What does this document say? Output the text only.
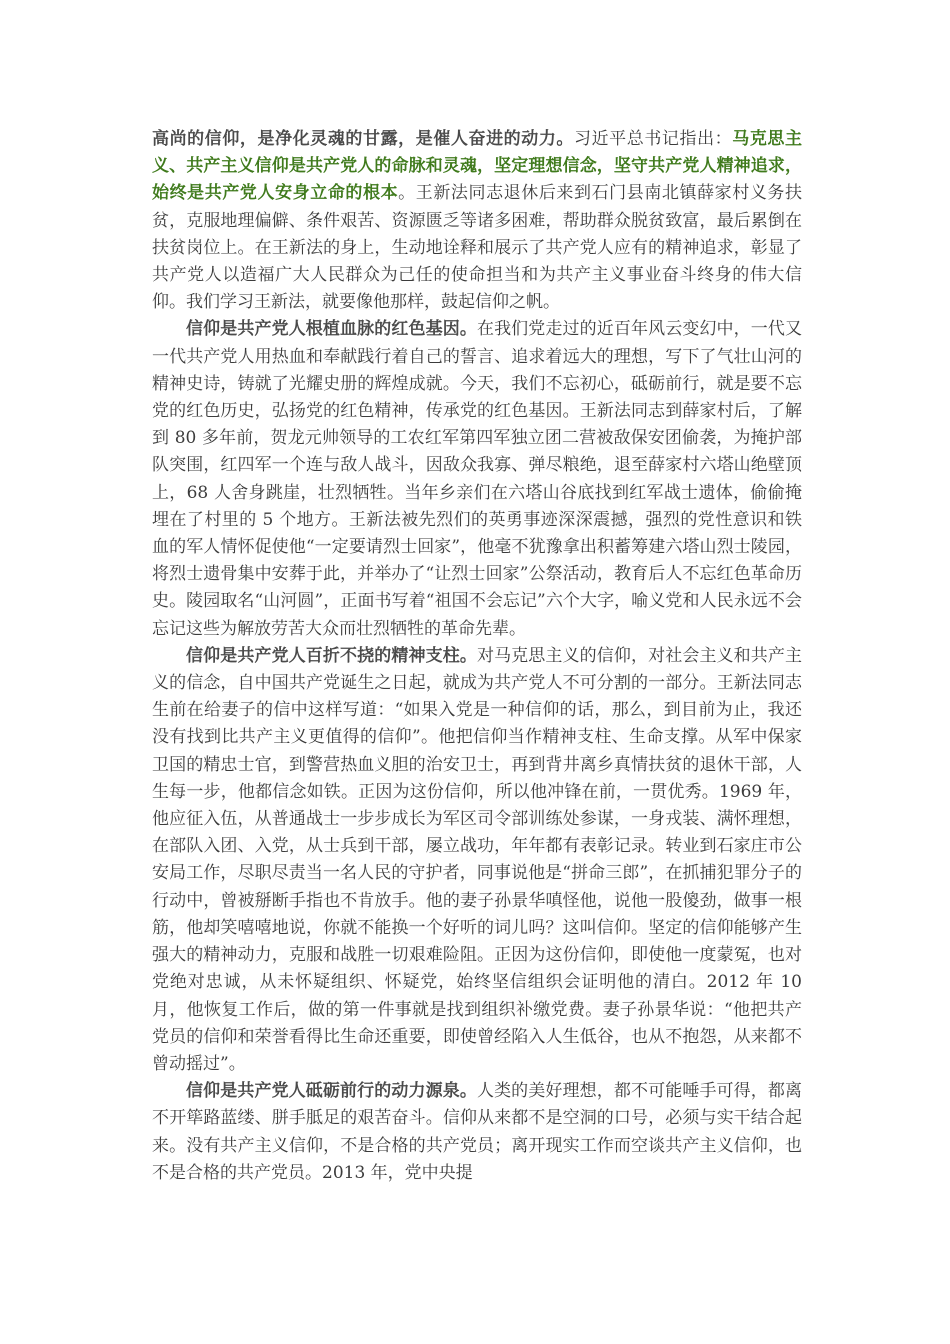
高尚的信仰，是净化灵魂的甘露，是催人奋进的动力。习近平总书记指出：马克思主义、共产主义信仰是共产党人的命脉和灵魂，坚定理想信念，坚守共产党人精神追求，始终是共产党人安身立命的根本。王新法同志退休后来到石门县南北镇薛家村义务扶贫，克服地理偏僻、条件艰苦、资源匮乏等诸多困难，帮助群众脱贫致富，最后累倒在扶贫岗位上。在王新法的身上，生动地诠释和展示了共产党人应有的精神追求，彰显了共产党人以造福广大人民群众为己任的使命担当和为共产主义事业奋斗终身的伟大信仰。我们学习王新法，就要像他那样，鼓起信仰之帆。

信仰是共产党人根植血脉的红色基因。在我们党走过的近百年风云变幻中，一代又一代共产党人用热血和奉献践行着自己的誓言、追求着远大的理想，写下了气壮山河的精神史诗，铸就了光耀史册的辉煌成就。今天，我们不忘初心，砥砺前行，就是要不忘党的红色历史，弘扬党的红色精神，传承党的红色基因。王新法同志到薛家村后，了解到 80 多年前，贺龙元帅领导的工农红军第四军独立团二营被敌保安团偷袭，为掩护部队突围，红四军一个连与敌人战斗，因敌众我寡、弹尽粮绝，退至薛家村六塔山绝壁顶上，68 人舍身跳崖，壮烈牺牲。当年乡亲们在六塔山谷底找到红军战士遗体，偷偷掩埋在了村里的 5 个地方。王新法被先烈们的英勇事迹深深震撼，强烈的党性意识和铁血的军人情怀促使他“一定要请烈士回家”，他毫不犹豫拿出积蓄筹建六塔山烈士陵园，将烈士遗骨集中安葬于此，并举办了“让烈士回家”公祭活动，教育后人不忘红色革命历史。陵园取名“山河圆”，正面书写着“祖国不会忘记”六个大字，喻义党和人民永远不会忘记这些为解放劳苦大众而壮烈牺牲的革命先辈。

信仰是共产党人百折不挠的精神支柱。对马克思主义的信仰，对社会主义和共产主义的信念，自中国共产党诞生之日起，就成为共产党人不可分割的一部分。王新法同志生前在给妻子的信中这样写道：“如果入党是一种信仰的话，那么，到目前为止，我还没有找到比共产主义更值得的信仰”。他把信仰当作精神支柱、生命支撑。从军中保家卫国的精忠士官，到警营热血义胆的治安卫士，再到背井离乡真情扶贫的退休干部，人生每一步，他都信念如铁。正因为这份信仰，所以他冲锋在前，一贯优秀。1969 年，他应征入伍，从普通战士一步步成长为军区司令部训练处参谋，一身戎装、满怀理想，在部队入团、入党，从士兵到干部，屡立战功，年年都有表彰记录。转业到石家庄市公安局工作，尽职尽责当一名人民的守护者，同事说他是“拼命三郎”，在抓捕犯罪分子的行动中，曾被掰断手指也不肯放手。他的妻子孙景华嗔怪他，说他一股傻劲，做事一根筋，他却笑嘻嘻地说，你就不能换一个好听的词儿吗？这叫信仰。坚定的信仰能够产生强大的精神动力，克服和战胜一切艰难险阻。正因为这份信仰，即使他一度蒙冤，也对党绝对忠诚，从未怀疑组织、怀疑党，始终坚信组织会证明他的清白。2012 年 10 月，他恢复工作后，做的第一件事就是找到组织补缴党费。妻子孙景华说：“他把共产党员的信仰和荣誉看得比生命还重要，即使曾经陷入人生低谷，也从不抱怨，从来都不曾动摇过”。

信仰是共产党人砥砺前行的动力源泉。人类的美好理想，都不可能唾手可得，都离不开筚路蓝缕、胼手胝足的艰苦奋斗。信仰从来都不是空洞的口号，必须与实干结合起来。没有共产主义信仰，不是合格的共产党员；离开现实工作而空谈共产主义信仰，也不是合格的共产党员。2013 年，党中央提
